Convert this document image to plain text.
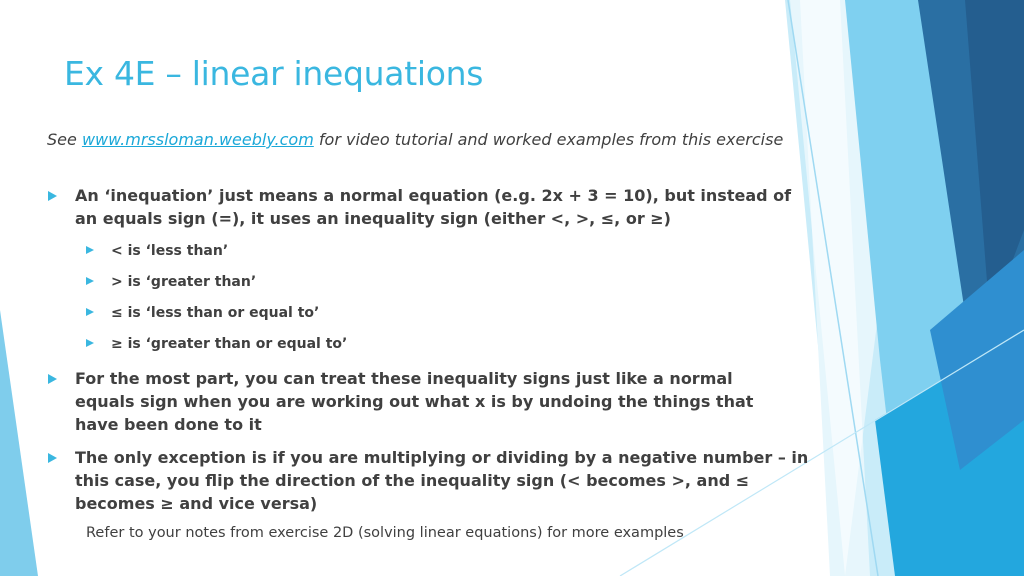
Ex 4E – linear inequations
See www.mrssloman.weebly.com for video tutorial and worked examples from this exercise
An ‘inequation’ just means a normal equation (e.g. 2x + 3 = 10), but instead of an equals sign (=), it uses an inequality sign (either <, >, ≤, or ≥)
< is ‘less than’
> is ‘greater than’
≤ is ‘less than or equal to’
≥ is ‘greater than or equal to’
For the most part, you can treat these inequality signs just like a normal equals sign when you are working out what x is by undoing the things that have been done to it
The only exception is if you are multiplying or dividing by a negative number – in this case, you flip the direction of the inequality sign (< becomes >, and ≤ becomes ≥ and vice versa)
Refer to your notes from exercise 2D (solving linear equations) for more examples
